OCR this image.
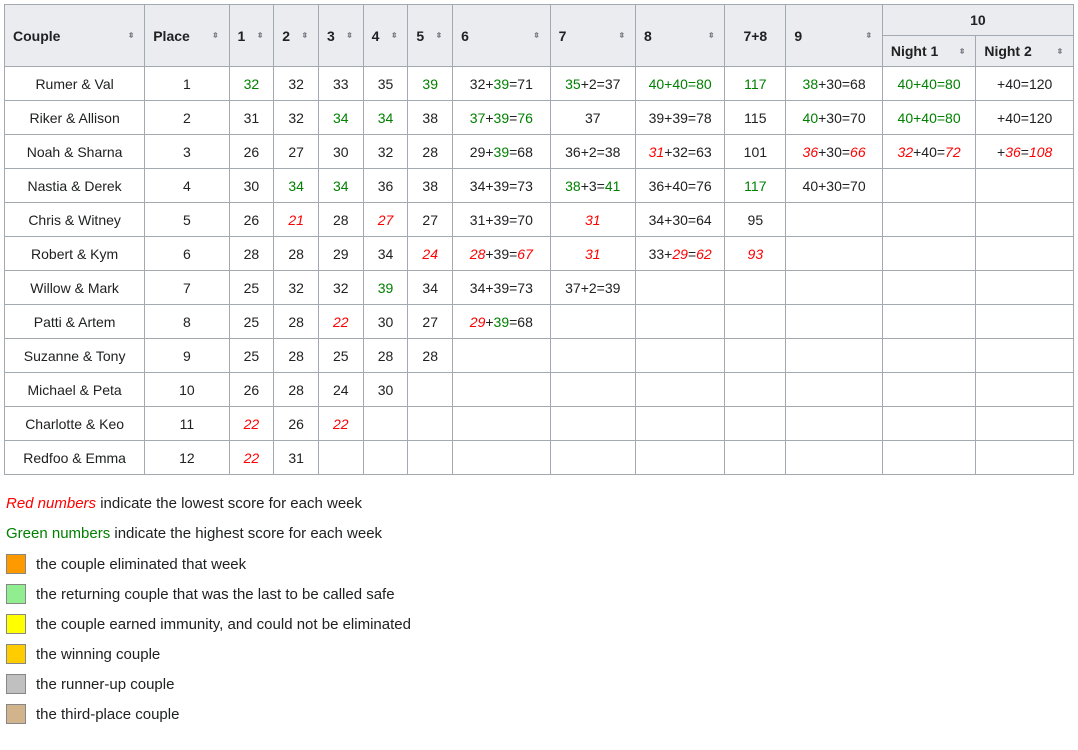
Couple ⇕	Place ⇕	1 ⇕	2 ⇕	3 ⇕	4 ⇕	5 ⇕	6 ⇕	7 ⇕	8 ⇕	7+8	9 ⇕	10	

												Night 1 ⇕	Night 2 ⇕

Rumer & Val	1	32	32	33	35	39	32+39=71	35+2=37	40+40=80	117	38+30=68	40+40=80	+40=120
Riker & Allison	2	31	32	34	34	38	37+39=76	37	39+39=78	115	40+30=70	40+40=80	+40=120
Noah & Sharna	3	26	27	30	32	28	29+39=68	36+2=38	31+32=63	101	36+30=66	32+40=72	+36=108
Nastia & Derek	4	30	34	34	36	38	34+39=73	38+3=41	36+40=76	117	40+30=70		
Chris & Witney	5	26	21	28	27	27	31+39=70	31	34+30=64	95			
Robert & Kym	6	28	28	29	34	24	28+39=67	31	33+29=62	93			
Willow & Mark	7	25	32	32	39	34	34+39=73	37+2=39					
Patti & Artem	8	25	28	22	30	27	29+39=68						
Suzanne & Tony	9	25	28	25	28	28							
Michael & Peta	10	26	28	24	30								
Charlotte & Keo	11	22	26	22									
Redfoo & Emma	12	22	31										
Red numbers indicate the lowest score for each week
Green numbers indicate the highest score for each week
the couple eliminated that week
the returning couple that was the last to be called safe
the couple earned immunity, and could not be eliminated
the winning couple
the runner-up couple
the third-place couple
